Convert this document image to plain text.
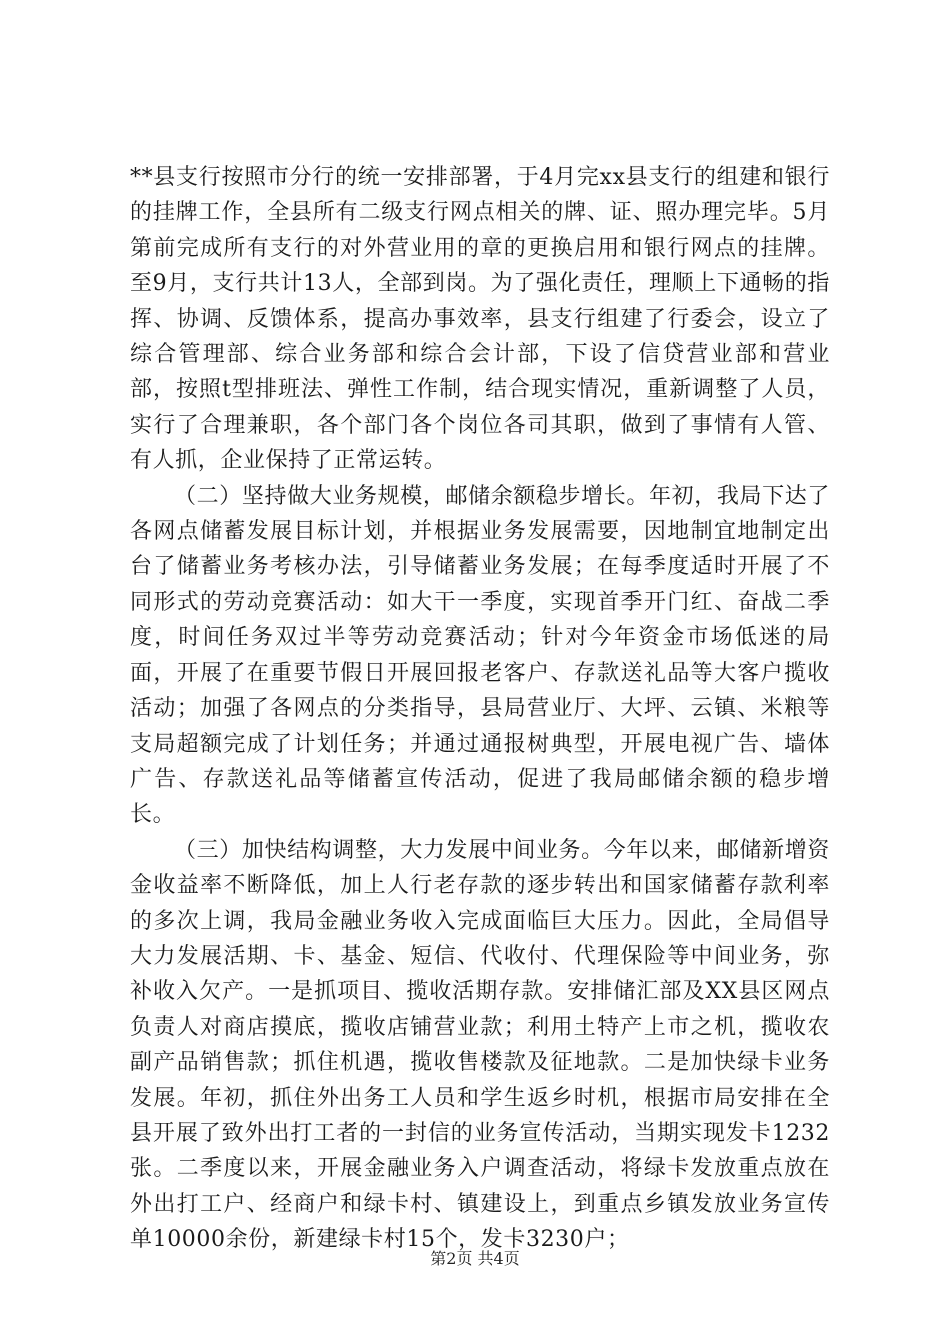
**县支行按照市分行的统一安排部署，于4月完xx县支行的组建和银行的挂牌工作，全县所有二级支行网点相关的牌、证、照办理完毕。5月第前完成所有支行的对外营业用的章的更换启用和银行网点的挂牌。至9月，支行共计13人，全部到岗。为了强化责任，理顺上下通畅的指挥、协调、反馈体系，提高办事效率，县支行组建了行委会，设立了综合管理部、综合业务部和综合会计部，下设了信贷营业部和营业部，按照t型排班法、弹性工作制，结合现实情况，重新调整了人员，实行了合理兼职，各个部门各个岗位各司其职，做到了事情有人管、有人抓，企业保持了正常运转。

（二）坚持做大业务规模，邮储余额稳步增长。年初，我局下达了各网点储蓄发展目标计划，并根据业务发展需要，因地制宜地制定出台了储蓄业务考核办法，引导储蓄业务发展；在每季度适时开展了不同形式的劳动竞赛活动：如大干一季度，实现首季开门红、奋战二季度，时间任务双过半等劳动竞赛活动；针对今年资金市场低迷的局面，开展了在重要节假日开展回报老客户、存款送礼品等大客户揽收活动；加强了各网点的分类指导，县局营业厅、大坪、云镇、米粮等支局超额完成了计划任务；并通过通报树典型，开展电视广告、墙体广告、存款送礼品等储蓄宣传活动，促进了我局邮储余额的稳步增长。

（三）加快结构调整，大力发展中间业务。今年以来，邮储新增资金收益率不断降低，加上人行老存款的逐步转出和国家储蓄存款利率的多次上调，我局金融业务收入完成面临巨大压力。因此，全局倡导大力发展活期、卡、基金、短信、代收付、代理保险等中间业务，弥补收入欠产。一是抓项目、揽收活期存款。安排储汇部及XX县区网点负责人对商店摸底，揽收店铺营业款；利用土特产上市之机，揽收农副产品销售款；抓住机遇，揽收售楼款及征地款。二是加快绿卡业务发展。年初，抓住外出务工人员和学生返乡时机，根据市局安排在全县开展了致外出打工者的一封信的业务宣传活动，当期实现发卡1232张。二季度以来，开展金融业务入户调查活动，将绿卡发放重点放在外出打工户、经商户和绿卡村、镇建设上，到重点乡镇发放业务宣传单10000余份，新建绿卡村15个，发卡3230户；

第2页 共4页
